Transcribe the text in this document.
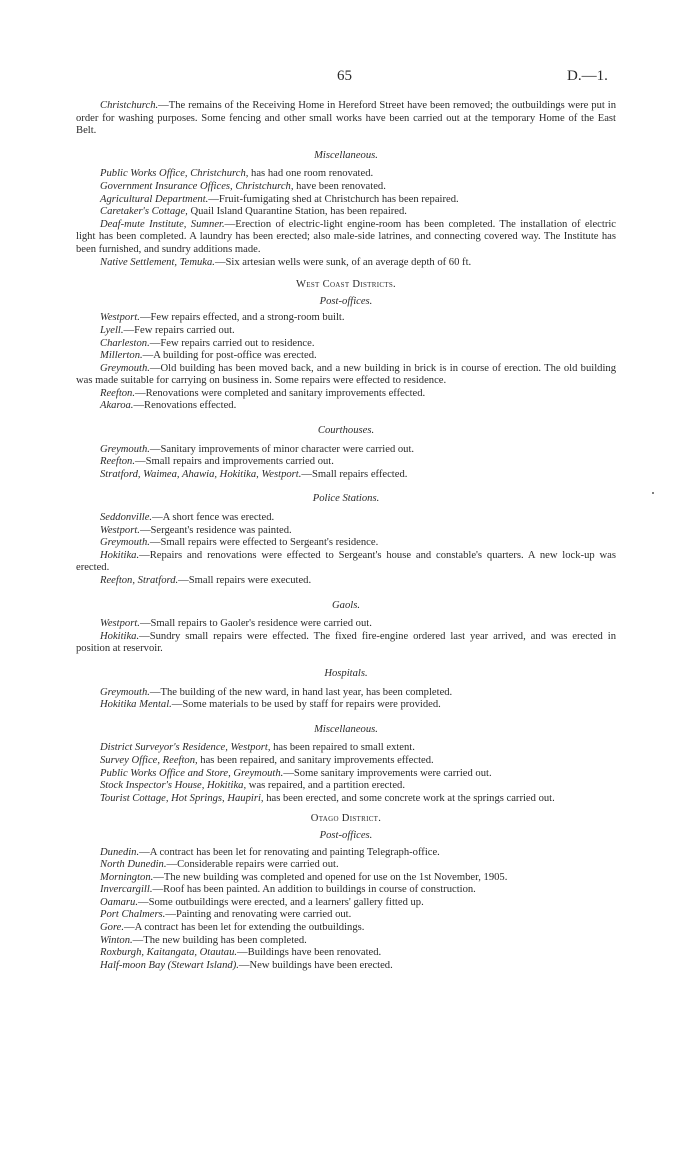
65	D.—1.

Christchurch.—The remains of the Receiving Home in Hereford Street have been removed; the outbuildings were put in order for washing purposes. Some fencing and other small works have been carried out at the temporary Home of the East Belt.

Miscellaneous.

Public Works Office, Christchurch, has had one room renovated.

Government Insurance Offices, Christchurch, have been renovated.

Agricultural Department.—Fruit-fumigating shed at Christchurch has been repaired.

Caretaker's Cottage, Quail Island Quarantine Station, has been repaired.

Deaf-mute Institute, Sumner.—Erection of electric-light engine-room has been completed. The installation of electric light has been completed. A laundry has been erected; also male-side latrines, and connecting covered way. The Institute has been furnished, and sundry additions made.

Native Settlement, Temuka.—Six artesian wells were sunk, of an average depth of 60 ft.

West Coast Districts.

Post-offices.

Westport.—Few repairs effected, and a strong-room built.

Lyell.—Few repairs carried out.

Charleston.—Few repairs carried out to residence.

Millerton.—A building for post-office was erected.

Greymouth.—Old building has been moved back, and a new building in brick is in course of erection. The old building was made suitable for carrying on business in. Some repairs were effected to residence.

Reefton.—Renovations were completed and sanitary improvements effected.

Akaroa.—Renovations effected.

Courthouses.

Greymouth.—Sanitary improvements of minor character were carried out.

Reefton.—Small repairs and improvements carried out.

Stratford, Waimea, Ahawia, Hokitika, Westport.—Small repairs effected.

Police Stations.

Seddonville.—A short fence was erected.

Westport.—Sergeant's residence was painted.

Greymouth.—Small repairs were effected to Sergeant's residence.

Hokitika.—Repairs and renovations were effected to Sergeant's house and constable's quarters. A new lock-up was erected.

Reefton, Stratford.—Small repairs were executed.

Gaols.

Westport.—Small repairs to Gaoler's residence were carried out.

Hokitika.—Sundry small repairs were effected. The fixed fire-engine ordered last year arrived, and was erected in position at reservoir.

Hospitals.

Greymouth.—The building of the new ward, in hand last year, has been completed.

Hokitika Mental.—Some materials to be used by staff for repairs were provided.

Miscellaneous.

District Surveyor's Residence, Westport, has been repaired to small extent.

Survey Office, Reefton, has been repaired, and sanitary improvements effected.

Public Works Office and Store, Greymouth.—Some sanitary improvements were carried out.

Stock Inspector's House, Hokitika, was repaired, and a partition erected.

Tourist Cottage, Hot Springs, Haupiri, has been erected, and some concrete work at the springs carried out.

Otago District.

Post-offices.

Dunedin.—A contract has been let for renovating and painting Telegraph-office.

North Dunedin.—Considerable repairs were carried out.

Mornington.—The new building was completed and opened for use on the 1st November, 1905.

Invercargill.—Roof has been painted. An addition to buildings in course of construction.

Oamaru.—Some outbuildings were erected, and a learners' gallery fitted up.

Port Chalmers.—Painting and renovating were carried out.

Gore.—A contract has been let for extending the outbuildings.

Winton.—The new building has been completed.

Roxburgh, Kaitangata, Otautau.—Buildings have been renovated.

Half-moon Bay (Stewart Island).—New buildings have been erected.
